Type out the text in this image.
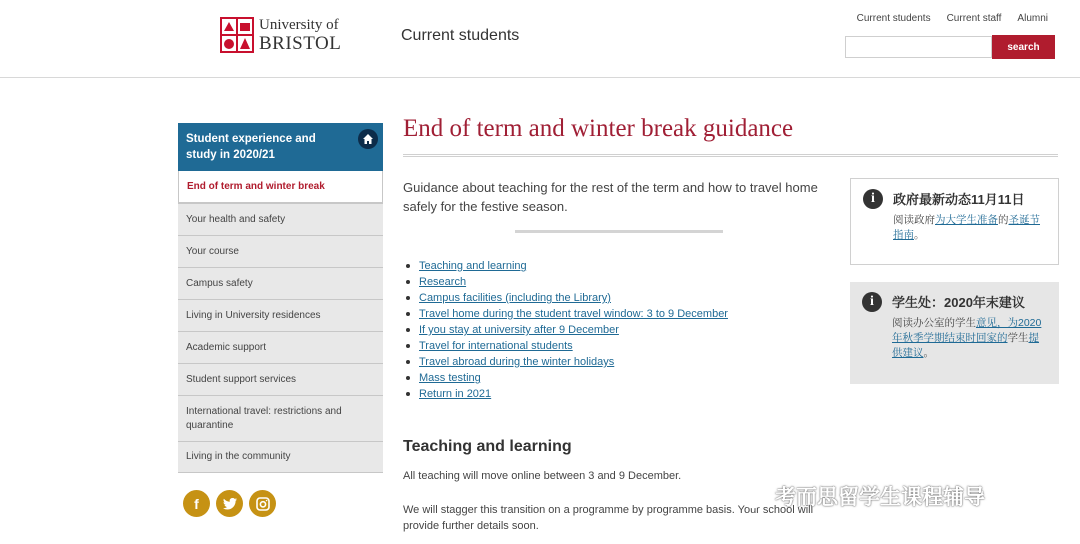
University of
BRISTOL	Current students
Current students Current staff Alumni
search
Student experience and study in 2020/21
End of term and winter break
Your health and safety
Your course
Campus safety
Living in University residences
Academic support
Student support services
International travel: restrictions and quarantine
Living in the community
f
End of term and winter break guidance

Guidance about teaching for the rest of the term and how to travel home safely for the festive season.

Teaching and learning
Research
Campus facilities (including the Library)
Travel home during the student travel window: 3 to 9 December
If you stay at university after 9 December
Travel for international students
Travel abroad during the winter holidays
Mass testing
Return in 2021
Teaching and learning

All teaching will move online between 3 and 9 December.

We will stagger this transition on a programme by programme basis. Your school will provide further details soon.

i	政府最新动态11月11日
阅读政府为大学生准备的圣诞节指南。
i	学生处：2020年末建议
阅读办公室的学生意见，为2020年秋季学期结束时回家的学生提供建议。
考而思留学生课程辅导
